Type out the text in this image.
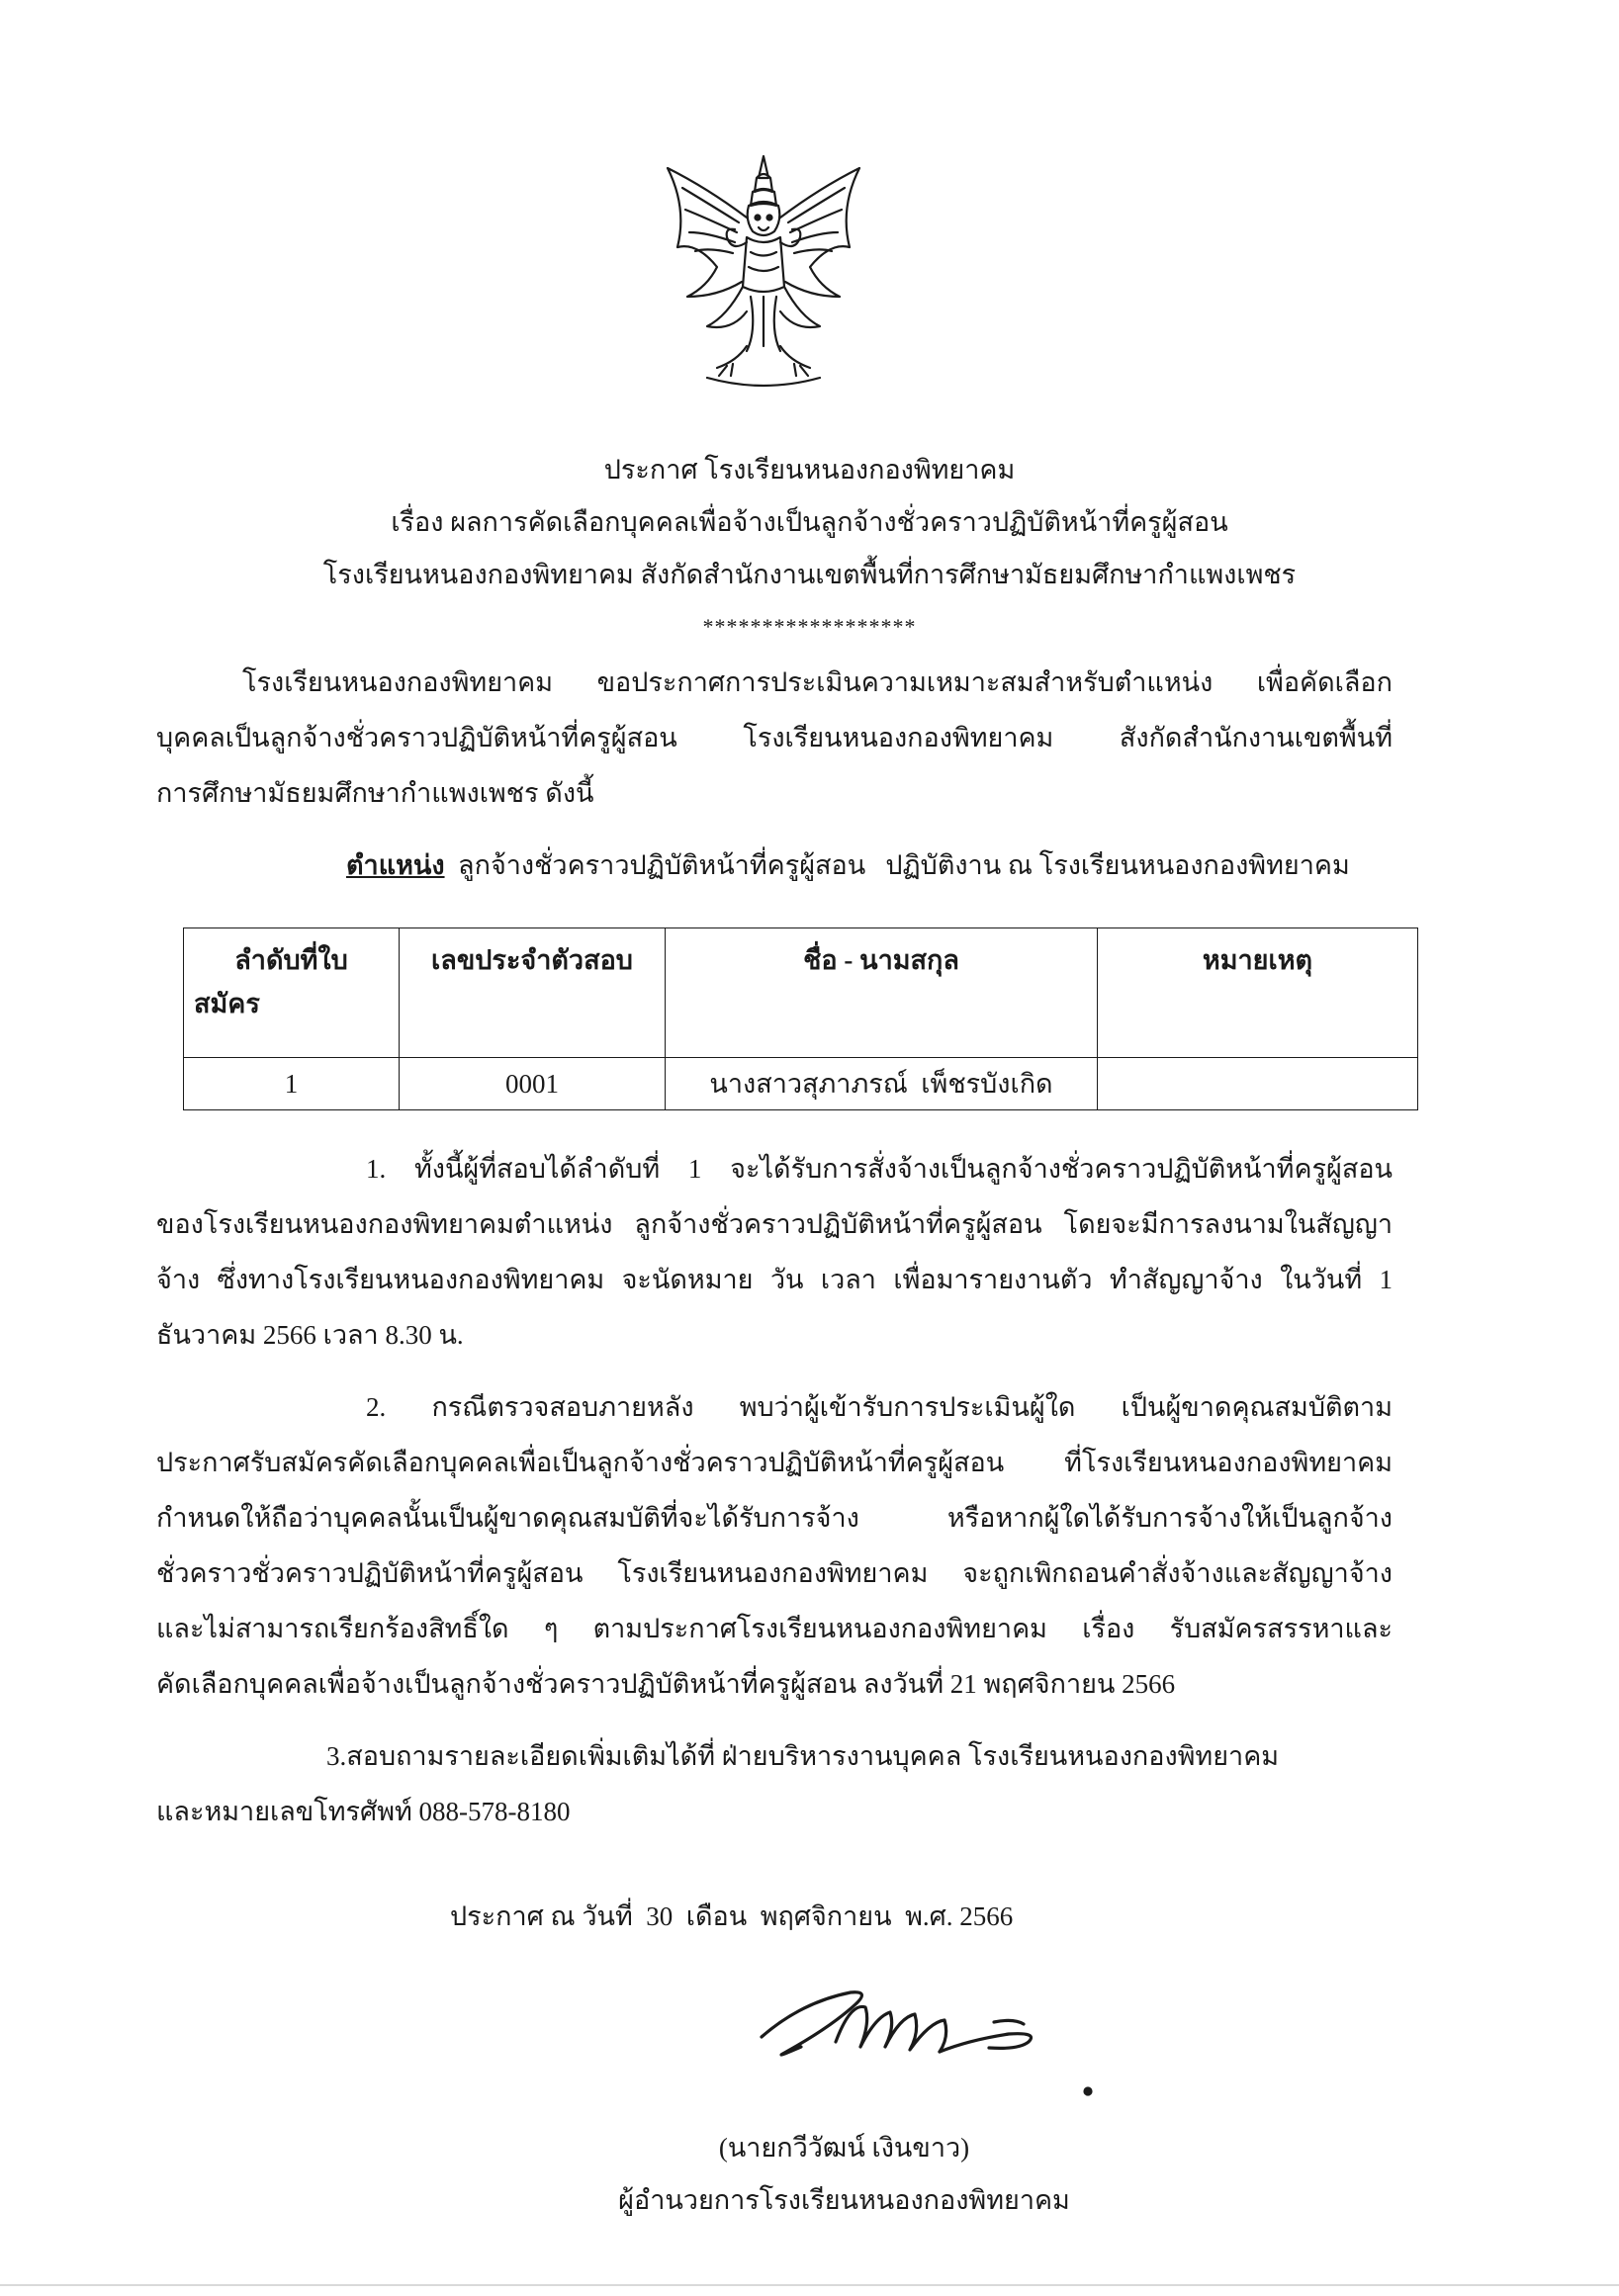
ประกาศ โรงเรียนหนองกองพิทยาคม
เรื่อง ผลการคัดเลือกบุคคลเพื่อจ้างเป็นลูกจ้างชั่วคราวปฏิบัติหน้าที่ครูผู้สอน
โรงเรียนหนองกองพิทยาคม สังกัดสำนักงานเขตพื้นที่การศึกษามัธยมศึกษากำแพงเพชร
******************
โรงเรียนหนองกองพิทยาคม ขอประกาศการประเมินความเหมาะสมสำหรับตำแหน่ง เพื่อคัดเลือก
บุคคลเป็นลูกจ้างชั่วคราวปฏิบัติหน้าที่ครูผู้สอน โรงเรียนหนองกองพิทยาคม สังกัดสำนักงานเขตพื้นที่
การศึกษามัธยมศึกษากำแพงเพชร ดังนี้
ตำแหน่ง  ลูกจ้างชั่วคราวปฏิบัติหน้าที่ครูผู้สอน   ปฏิบัติงาน ณ โรงเรียนหนองกองพิทยาคม
ลำดับที่ใบ
สมัคร	เลขประจำตัวสอบ	ชื่อ - นามสกุล	หมายเหตุ
1	0001	นางสาวสุภาภรณ์  เพ็ชรบังเกิด	
1. ทั้งนี้ผู้ที่สอบได้ลำดับที่ 1 จะได้รับการสั่งจ้างเป็นลูกจ้างชั่วคราวปฏิบัติหน้าที่ครูผู้สอน
ของโรงเรียนหนองกองพิทยาคมตำแหน่ง ลูกจ้างชั่วคราวปฏิบัติหน้าที่ครูผู้สอน โดยจะมีการลงนามในสัญญา
จ้าง ซึ่งทางโรงเรียนหนองกองพิทยาคม จะนัดหมาย วัน เวลา เพื่อมารายงานตัว ทำสัญญาจ้าง ในวันที่ 1
ธันวาคม 2566 เวลา 8.30 น.
2. กรณีตรวจสอบภายหลัง พบว่าผู้เข้ารับการประเมินผู้ใด เป็นผู้ขาดคุณสมบัติตาม
ประกาศรับสมัครคัดเลือกบุคคลเพื่อเป็นลูกจ้างชั่วคราวปฏิบัติหน้าที่ครูผู้สอน ที่โรงเรียนหนองกองพิทยาคม
กำหนดให้ถือว่าบุคคลนั้นเป็นผู้ขาดคุณสมบัติที่จะได้รับการจ้าง หรือหากผู้ใดได้รับการจ้างให้เป็นลูกจ้าง
ชั่วคราวชั่วคราวปฏิบัติหน้าที่ครูผู้สอน โรงเรียนหนองกองพิทยาคม จะถูกเพิกถอนคำสั่งจ้างและสัญญาจ้าง
และไม่สามารถเรียกร้องสิทธิ์ใด ๆ ตามประกาศโรงเรียนหนองกองพิทยาคม เรื่อง รับสมัครสรรหาและ
คัดเลือกบุคคลเพื่อจ้างเป็นลูกจ้างชั่วคราวปฏิบัติหน้าที่ครูผู้สอน ลงวันที่ 21 พฤศจิกายน 2566
3.สอบถามรายละเอียดเพิ่มเติมได้ที่ ฝ่ายบริหารงานบุคคล โรงเรียนหนองกองพิทยาคม
และหมายเลขโทรศัพท์ 088-578-8180
ประกาศ ณ วันที่  30  เดือน  พฤศจิกายน  พ.ศ. 2566
(นายกวีวัฒน์ เงินขาว)
ผู้อำนวยการโรงเรียนหนองกองพิทยาคม
